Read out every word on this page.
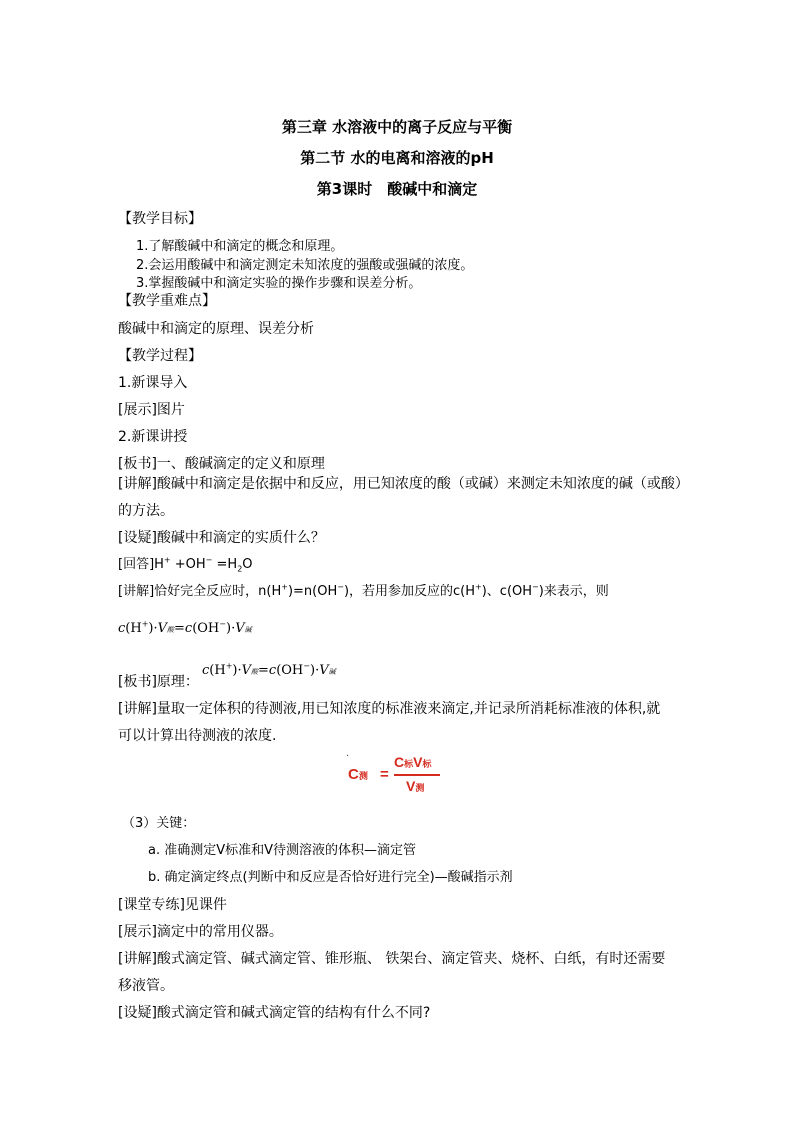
第三章 水溶液中的离子反应与平衡
第二节 水的电离和溶液的pH
第3课时　酸碱中和滴定
【教学目标】
1.了解酸碱中和滴定的概念和原理。
2.会运用酸碱中和滴定测定未知浓度的强酸或强碱的浓度。
3.掌握酸碱中和滴定实验的操作步骤和误差分析。
【教学重难点】
酸碱中和滴定的原理、误差分析
【教学过程】
1.新课导入
[展示]图片
2.新课讲授
[板书]一、酸碱滴定的定义和原理
[讲解]酸碱中和滴定是依据中和反应，用已知浓度的酸（或碱）来测定未知浓度的碱（或酸）
的方法。
[设疑]酸碱中和滴定的实质什么？
[回答]$H^+ +OH^- =H_2O$
[讲解]恰好完全反应时，n(H+)=n(OH−)，若用参加反应的c(H+)、c(OH−)来表示，则
c(H+)·V酸=c(OH−)·V碱
[板书]原理：
c(H+)·V酸=c(OH−)·V碱
[讲解]量取一定体积的待测液,用已知浓度的标准液来滴定,并记录所消耗标准液的体积,就
可以计算出待测液的浓度.
.
C测 =
C标V标
V测
（3）关键：
a. 准确测定V标准和V待测溶液的体积—滴定管
b. 确定滴定终点(判断中和反应是否恰好进行完全)—酸碱指示剂
[课堂专练]见课件
[展示]滴定中的常用仪器。
[讲解]酸式滴定管、碱式滴定管、锥形瓶、 铁架台、滴定管夹、烧杯、白纸，有时还需要
移液管。
[设疑]酸式滴定管和碱式滴定管的结构有什么不同?
